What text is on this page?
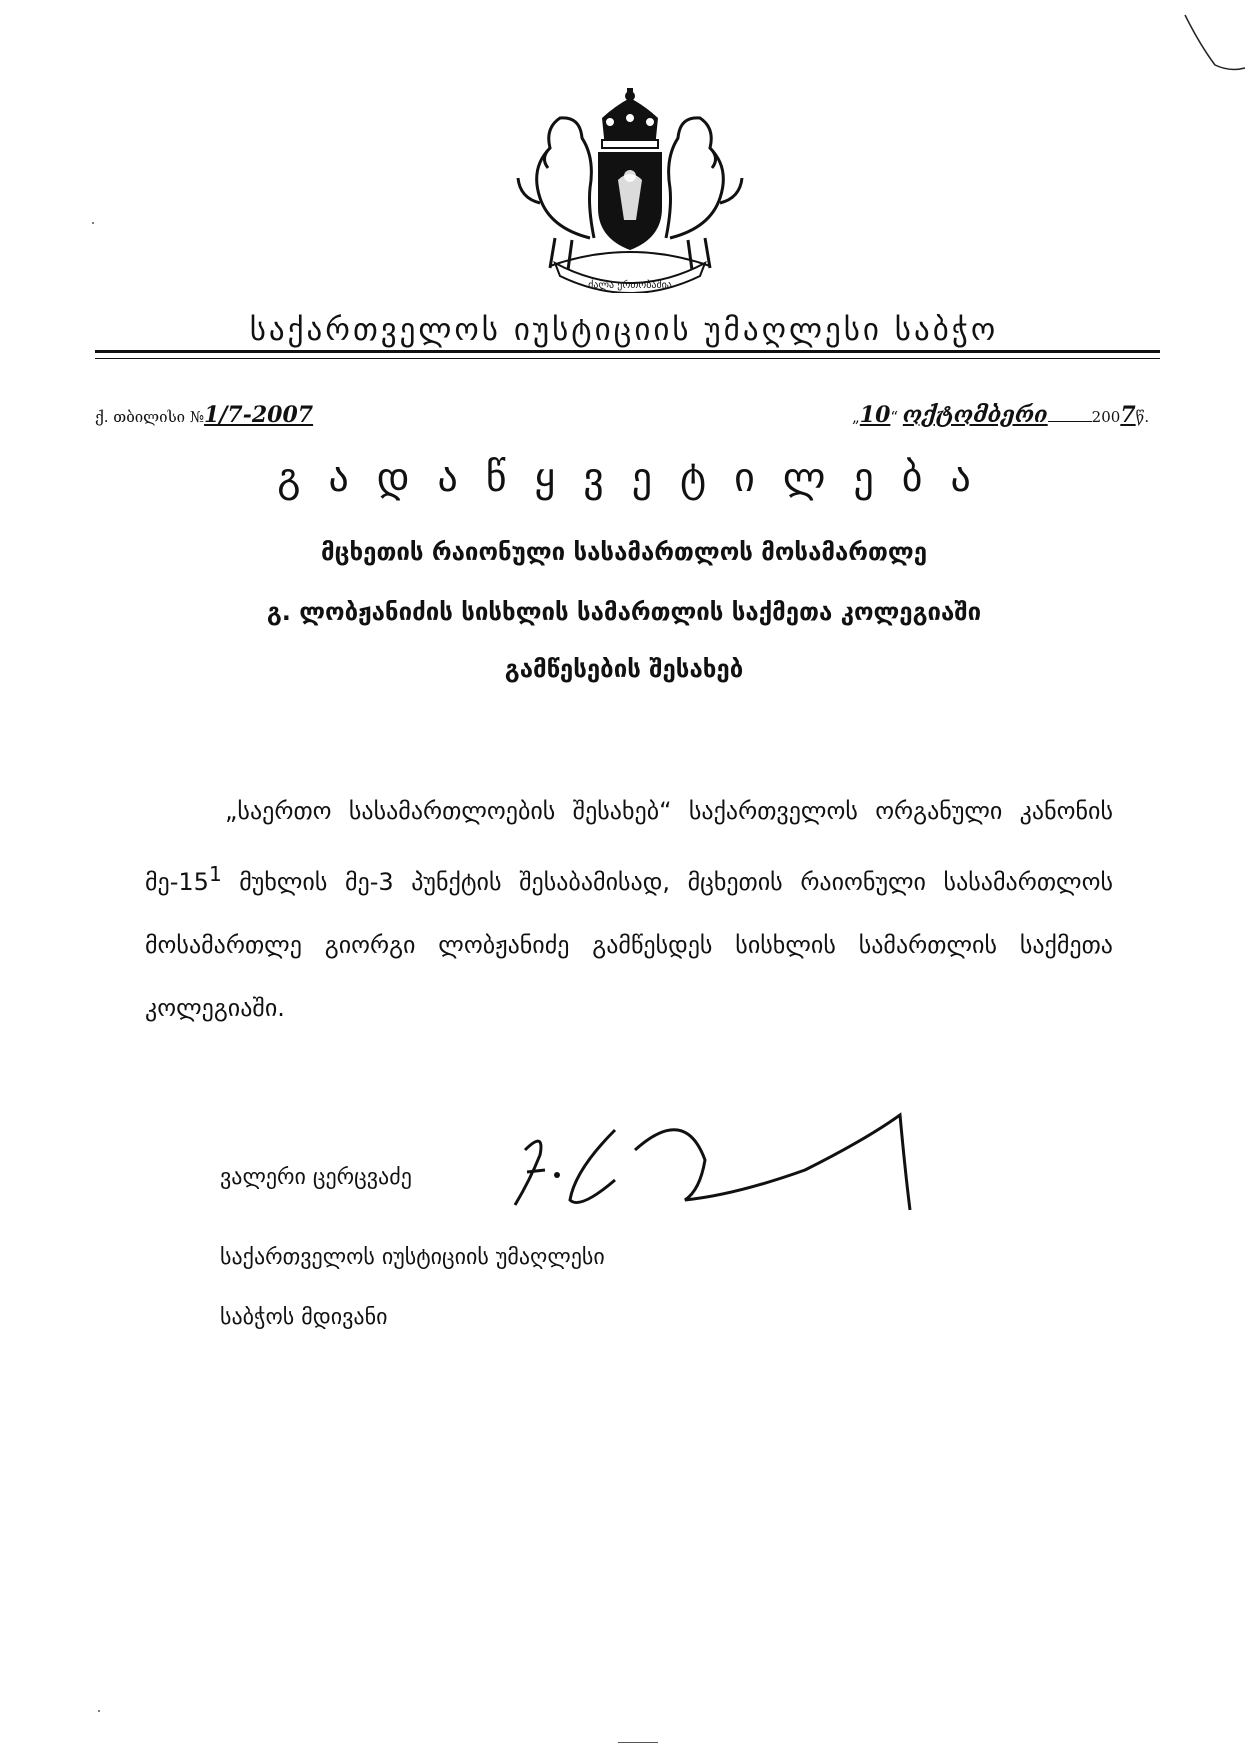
ძალა ერთობაშია
საქართველოს იუსტიციის უმაღლესი საბჭო
ქ. თბილისი №1/7-2007	„10“ ოქტომბერი	2007წ.
გადაწყვეტილება
მცხეთის რაიონული სასამართლოს მოსამართლე
გ. ლობჟანიძის სისხლის სამართლის საქმეთა კოლეგიაში
გამწესების შესახებ
„საერთო სასამართლოების შესახებ“ საქართველოს ორგანული კანონის $მე-15^1$ მუხლის მე-3 პუნქტის შესაბამისად, მცხეთის რაიონული სასამართლოს მოსამართლე გიორგი ლობჟანიძე გამწესდეს სისხლის სამართლის საქმეთა კოლეგიაში.
ვალერი ცერცვაძე
საქართველოს იუსტიციის უმაღლესი
საბჭოს მდივანი
